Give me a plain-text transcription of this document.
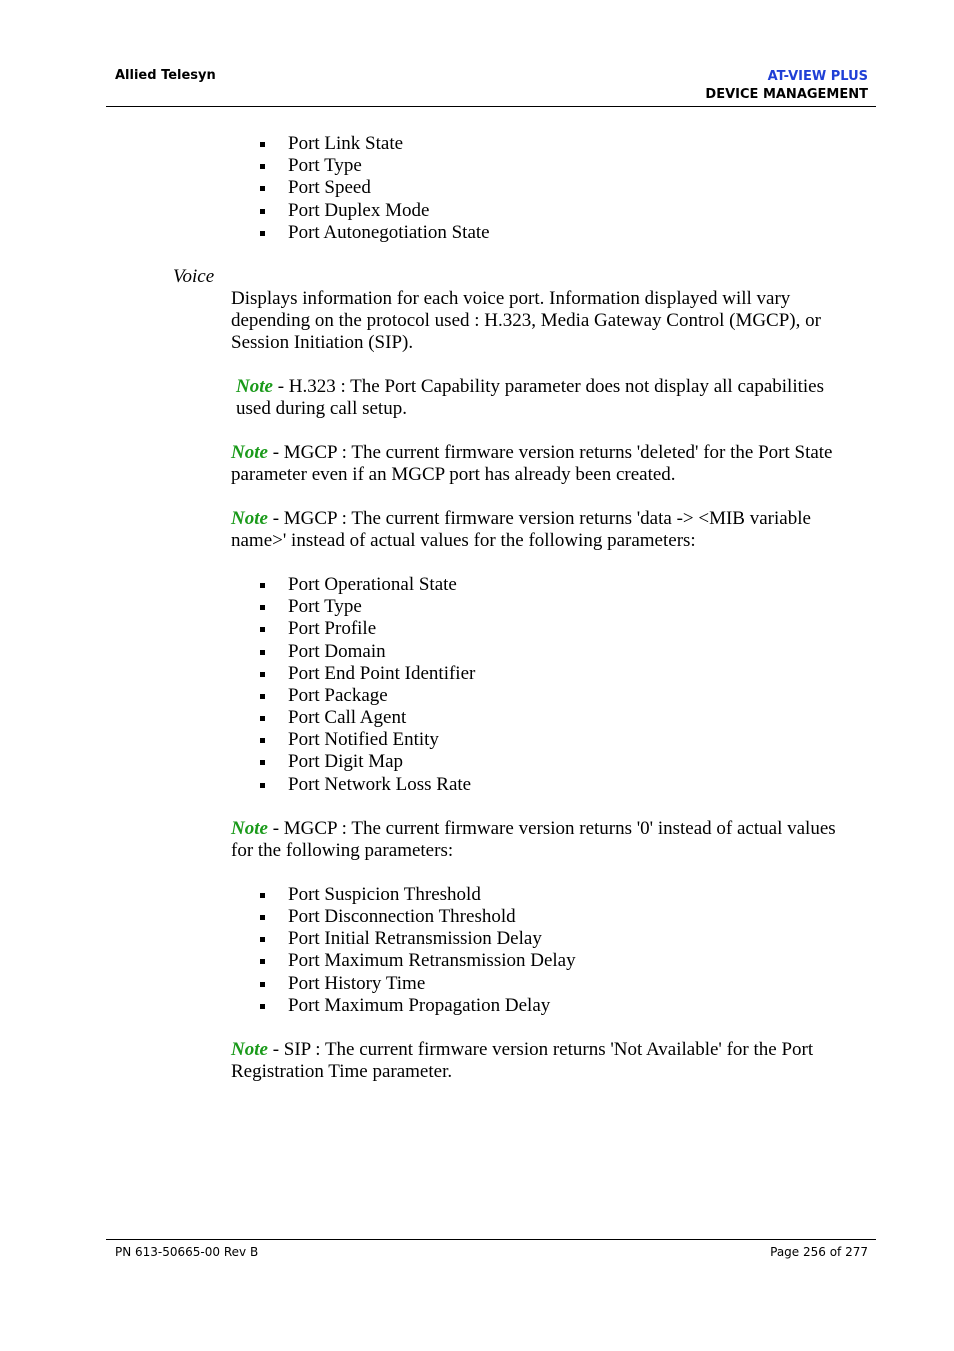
Allied Telesyn	AT-VIEW PLUS
DEVICE MANAGEMENT
Port Link State
Port Type
Port Speed
Port Duplex Mode
Port Autonegotiation State
Voice

Displays information for each voice port. Information displayed will vary depending on the protocol used : H.323, Media Gateway Control (MGCP), or Session Initiation (SIP).

Note - H.323 : The Port Capability parameter does not display all capabilities used during call setup.

Note - MGCP : The current firmware version returns 'deleted' for the Port State parameter even if an MGCP port has already been created.

Note - MGCP : The current firmware version returns 'data -> <MIB variable name>' instead of actual values for the following parameters:

Port Operational State
Port Type
Port Profile
Port Domain
Port End Point Identifier
Port Package
Port Call Agent
Port Notified Entity
Port Digit Map
Port Network Loss Rate

Note - MGCP : The current firmware version returns '0' instead of actual values for the following parameters:

Port Suspicion Threshold
Port Disconnection Threshold
Port Initial Retransmission Delay
Port Maximum Retransmission Delay
Port History Time
Port Maximum Propagation Delay

Note - SIP : The current firmware version returns 'Not Available' for the Port Registration Time parameter.

PN 613-50665-00 Rev B	Page 256 of 277
